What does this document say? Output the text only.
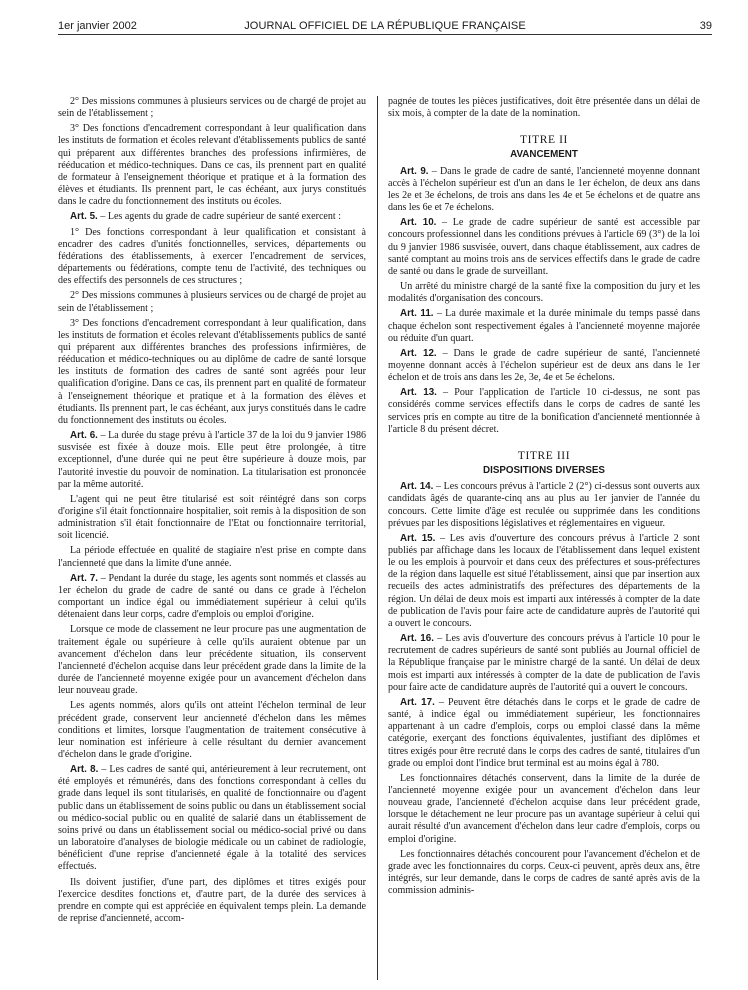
1er janvier 2002	JOURNAL OFFICIEL DE LA RÉPUBLIQUE FRANÇAISE	39

2° Des missions communes à plusieurs services ou de chargé de projet au sein de l'établissement ;

3° Des fonctions d'encadrement correspondant à leur qualification dans les instituts de formation et écoles relevant d'établissements publics de santé qui préparent aux différentes branches des professions infirmières, de rééducation et médico-techniques. Dans ce cas, ils prennent part en qualité de formateur à l'enseignement théorique et pratique et à la formation des élèves et étudiants. Ils prennent part, le cas échéant, aux jurys constitués dans le cadre du fonctionnement des instituts ou écoles.

Art. 5. – Les agents du grade de cadre supérieur de santé exercent :

1° Des fonctions correspondant à leur qualification et consistant à encadrer des cadres d'unités fonctionnelles, services, départements ou fédérations des établissements, à exercer l'encadrement de services, départements ou fédérations, compte tenu de l'activité, des techniques ou des effectifs des personnels de ces structures ;

2° Des missions communes à plusieurs services ou de chargé de projet au sein de l'établissement ;

3° Des fonctions d'encadrement correspondant à leur qualification, dans les instituts de formation et écoles relevant d'établissements publics de santé qui préparent aux différentes branches des professions infirmières, de rééducation et médico-techniques ou au diplôme de cadre de santé lorsque les instituts de formation des cadres de santé sont agréés pour leur qualification d'origine. Dans ce cas, ils prennent part en qualité de formateur à l'enseignement théorique et pratique et à la formation des élèves et étudiants. Ils prennent part, le cas échéant, aux jurys constitués dans le cadre du fonctionnement des instituts ou écoles.

Art. 6. – La durée du stage prévu à l'article 37 de la loi du 9 janvier 1986 susvisée est fixée à douze mois. Elle peut être prolongée, à titre exceptionnel, d'une durée qui ne peut être supérieure à douze mois, par l'autorité investie du pouvoir de nomination. La titularisation est prononcée par la même autorité.

L'agent qui ne peut être titularisé est soit réintégré dans son corps d'origine s'il était fonctionnaire hospitalier, soit remis à la disposition de son administration s'il était fonctionnaire de l'Etat ou fonctionnaire territorial, soit licencié.

La période effectuée en qualité de stagiaire n'est prise en compte dans l'ancienneté que dans la limite d'une année.

Art. 7. – Pendant la durée du stage, les agents sont nommés et classés au 1er échelon du grade de cadre de santé ou dans ce grade à l'échelon comportant un indice égal ou immédiatement supérieur à celui qu'ils détenaient dans leur corps, cadre d'emplois ou emploi d'origine.

Lorsque ce mode de classement ne leur procure pas une augmentation de traitement égale ou supérieure à celle qu'ils auraient obtenue par un avancement d'échelon dans leur précédente situation, ils conservent l'ancienneté d'échelon acquise dans leur précédent grade dans la limite de la durée de l'ancienneté moyenne exigée pour un avancement d'échelon dans leur nouveau grade.

Les agents nommés, alors qu'ils ont atteint l'échelon terminal de leur précédent grade, conservent leur ancienneté d'échelon dans les mêmes conditions et limites, lorsque l'augmentation de traitement consécutive à leur nomination est inférieure à celle résultant du dernier avancement d'échelon dans le grade d'origine.

Art. 8. – Les cadres de santé qui, antérieurement à leur recrutement, ont été employés et rémunérés, dans des fonctions correspondant à celles du grade dans lequel ils sont titularisés, en qualité de fonctionnaire ou d'agent public dans un établissement de soins public ou dans un établissement social ou médico-social public ou en qualité de salarié dans un établissement de soins privé ou dans un établissement social ou médico-social privé ou dans un laboratoire d'analyses de biologie médicale ou un cabinet de radiologie, bénéficient d'une reprise d'ancienneté égale à la totalité des services effectués.

Ils doivent justifier, d'une part, des diplômes et titres exigés pour l'exercice desdites fonctions et, d'autre part, de la durée des services à prendre en compte qui est appréciée en équivalent temps plein. La demande de reprise d'ancienneté, accom-

pagnée de toutes les pièces justificatives, doit être présentée dans un délai de six mois, à compter de la date de la nomination.

TITRE II

AVANCEMENT

Art. 9. – Dans le grade de cadre de santé, l'ancienneté moyenne donnant accès à l'échelon supérieur est d'un an dans le 1er échelon, de deux ans dans les 2e et 3e échelons, de trois ans dans les 4e et 5e échelons et de quatre ans dans les 6e et 7e échelons.

Art. 10. – Le grade de cadre supérieur de santé est accessible par concours professionnel dans les conditions prévues à l'article 69 (3°) de la loi du 9 janvier 1986 susvisée, ouvert, dans chaque établissement, aux cadres de santé comptant au moins trois ans de services effectifs dans le grade de cadre de santé ou dans le grade de surveillant.

Un arrêté du ministre chargé de la santé fixe la composition du jury et les modalités d'organisation des concours.

Art. 11. – La durée maximale et la durée minimale du temps passé dans chaque échelon sont respectivement égales à l'ancienneté moyenne majorée ou réduite d'un quart.

Art. 12. – Dans le grade de cadre supérieur de santé, l'ancienneté moyenne donnant accès à l'échelon supérieur est de deux ans dans le 1er échelon et de trois ans dans les 2e, 3e, 4e et 5e échelons.

Art. 13. – Pour l'application de l'article 10 ci-dessus, ne sont pas considérés comme services effectifs dans le corps de cadres de santé les services pris en compte au titre de la bonification d'ancienneté mentionnée à l'article 8 du présent décret.

TITRE III

DISPOSITIONS DIVERSES

Art. 14. – Les concours prévus à l'article 2 (2°) ci-dessus sont ouverts aux candidats âgés de quarante-cinq ans au plus au 1er janvier de l'année du concours. Cette limite d'âge est reculée ou supprimée dans les conditions prévues par les dispositions législatives et réglementaires en vigueur.

Art. 15. – Les avis d'ouverture des concours prévus à l'article 2 sont publiés par affichage dans les locaux de l'établissement dans lequel existent le ou les emplois à pourvoir et dans ceux des préfectures et sous-préfectures de la région dans laquelle est situé l'établissement, ainsi que par insertion aux recueils des actes administratifs des préfectures des départements de la région. Un délai de deux mois est imparti aux intéressés à compter de la date de publication de l'avis pour faire acte de candidature auprès de l'autorité qui a ouvert le concours.

Art. 16. – Les avis d'ouverture des concours prévus à l'article 10 pour le recrutement de cadres supérieurs de santé sont publiés au Journal officiel de la République française par le ministre chargé de la santé. Un délai de deux mois est imparti aux intéressés à compter de la date de publication de l'avis pour faire acte de candidature auprès de l'autorité qui a ouvert le concours.

Art. 17. – Peuvent être détachés dans le corps et le grade de cadre de santé, à indice égal ou immédiatement supérieur, les fonctionnaires appartenant à un cadre d'emplois, corps ou emploi classé dans la même catégorie, exerçant des fonctions équivalentes, justifiant des diplômes et titres exigés pour être recruté dans le corps des cadres de santé, titulaires d'un grade ou emploi dont l'indice brut terminal est au moins égal à 780.

Les fonctionnaires détachés conservent, dans la limite de la durée de l'ancienneté moyenne exigée pour un avancement d'échelon dans leur nouveau grade, l'ancienneté d'échelon acquise dans leur précédent grade, lorsque le détachement ne leur procure pas un avantage supérieur à celui qui aurait résulté d'un avancement d'échelon dans leur cadre d'emplois, corps ou emploi d'origine.

Les fonctionnaires détachés concourent pour l'avancement d'échelon et de grade avec les fonctionnaires du corps. Ceux-ci peuvent, après deux ans, être intégrés, sur leur demande, dans le corps de cadres de santé après avis de la commission adminis-
